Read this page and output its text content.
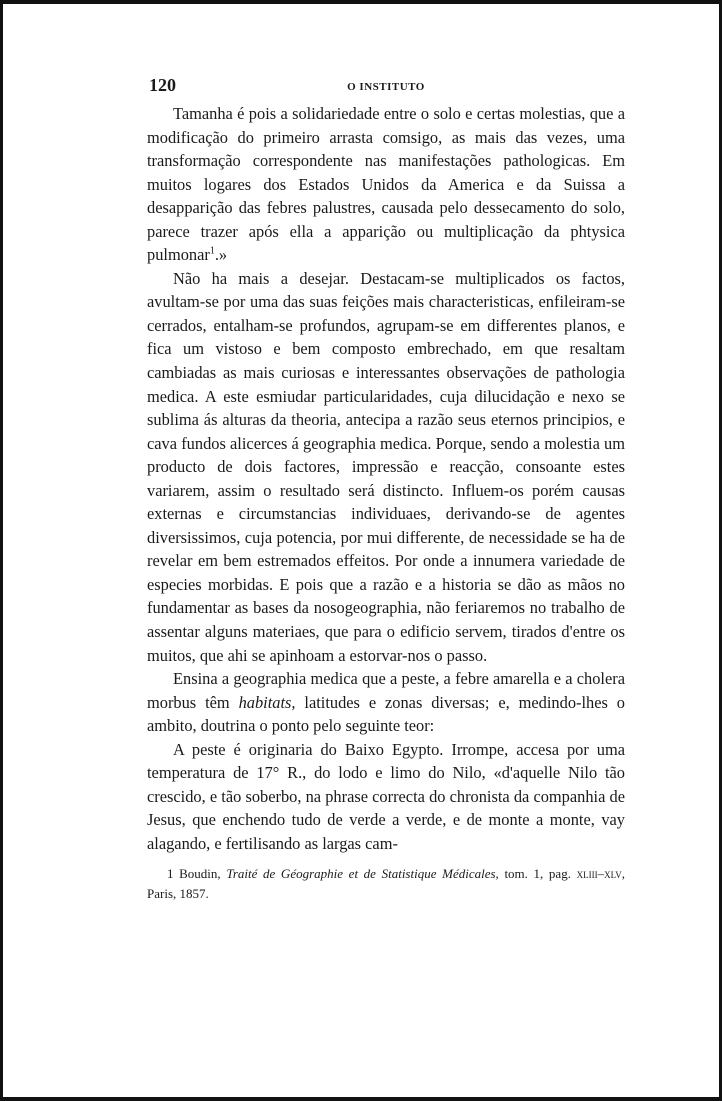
120	O INSTITUTO

Tamanha é pois a solidariedade entre o solo e certas molestias, que a modificação do primeiro arrasta comsigo, as mais das vezes, uma transformação correspondente nas manifestações pathologicas. Em muitos logares dos Estados Unidos da America e da Suissa a desapparição das febres palustres, causada pelo dessecamento do solo, parece trazer após ella a apparição ou multiplicação da phtysica pulmonar$^1$.»

Não ha mais a desejar. Destacam-se multiplicados os factos, avultam-se por uma das suas feições mais characteristicas, enfileiram-se cerrados, entalham-se profundos, agrupam-se em differentes planos, e fica um vistoso e bem composto embrechado, em que resaltam cambiadas as mais curiosas e interessantes observações de pathologia medica. A este esmiudar particularidades, cuja dilucidação e nexo se sublima ás alturas da theoria, antecipa a razão seus eternos principios, e cava fundos alicerces á geographia medica. Porque, sendo a molestia um producto de dois factores, impressão e reacção, consoante estes variarem, assim o resultado será distincto. Influem-os porém causas externas e circumstancias individuaes, derivando-se de agentes diversissimos, cuja potencia, por mui differente, de necessidade se ha de revelar em bem estremados effeitos. Por onde a innumera variedade de especies morbidas. E pois que a razão e a historia se dão as mãos no fundamentar as bases da nosogeographia, não feriaremos no trabalho de assentar alguns materiaes, que para o edificio servem, tirados d'entre os muitos, que ahi se apinhoam a estorvar-nos o passo.

Ensina a geographia medica que a peste, a febre amarella e a cholera morbus têm habitats, latitudes e zonas diversas; e, medindo-lhes o ambito, doutrina o ponto pelo seguinte teor:

A peste é originaria do Baixo Egypto. Irrompe, accesa por uma temperatura de 17° R., do lodo e limo do Nilo, «d'aquelle Nilo tão crescido, e tão soberbo, na phrase correcta do chronista da companhia de Jesus, que enchendo tudo de verde a verde, e de monte a monte, vay alagando, e fertilisando as largas cam-

1 Boudin, Traité de Géographie et de Statistique Médicales, tom. 1, pag. xliii–xlv, Paris, 1857.
